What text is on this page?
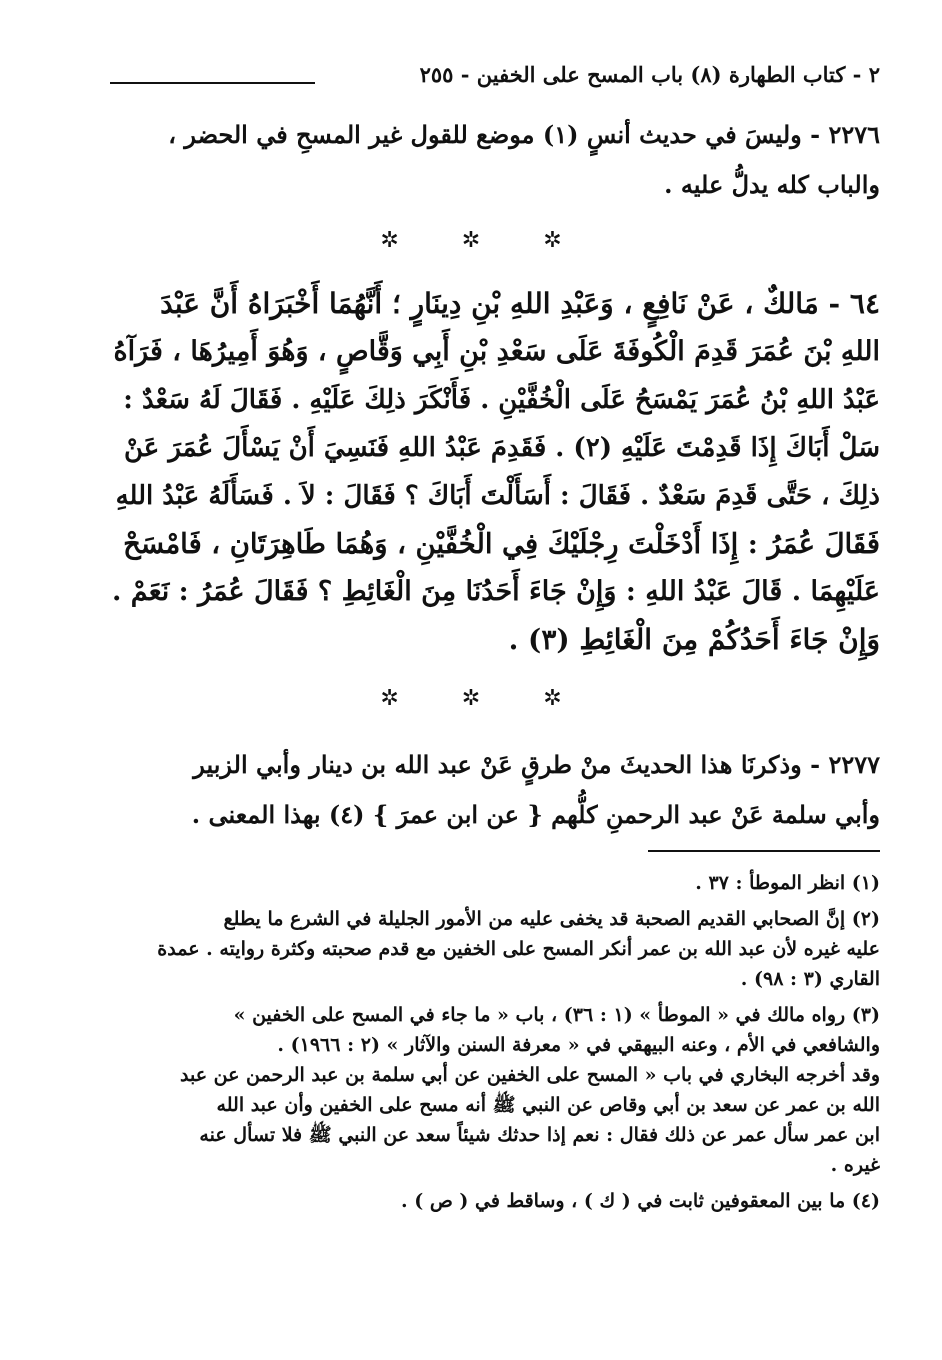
٢ - كتاب الطهارة (٨) باب المسح على الخفين - ٢٥٥
٢٢٧٦ - وليسَ في حديث أنسٍ (١) موضع للقول غير المسحِ في الحضر ،
والباب كله يدلُّ عليه .
✲	✲	✲
٦٤ - مَالكٌ ، عَنْ نَافِعٍ ، وَعَبْدِ اللهِ بْنِ دِينَارٍ ؛ أَنَّهُمَا أَخْبَرَاهُ أَنَّ عَبْدَ
اللهِ بْنَ عُمَرَ قَدِمَ الْكُوفَةَ عَلَى سَعْدِ بْنِ أَبِي وَقَّاصٍ ، وَهُوَ أَمِيرُهَا ، فَرَآهُ
عَبْدُ اللهِ بْنُ عُمَرَ يَمْسَحُ عَلَى الْخُفَّيْنِ . فَأَنْكَرَ ذلِكَ عَلَيْهِ . فَقَالَ لَهُ سَعْدٌ :
سَلْ أَبَاكَ إِذَا قَدِمْتَ عَلَيْهِ (٢) . فَقَدِمَ عَبْدُ اللهِ فَنَسِيَ أَنْ يَسْأَلَ عُمَرَ عَنْ
ذلِكَ ، حَتَّى قَدِمَ سَعْدٌ . فَقَالَ : أَسَأَلْتَ أَبَاكَ ؟ فَقَالَ : لاَ . فَسَأَلَهُ عَبْدُ اللهِ
فَقَالَ عُمَرُ : إِذَا أَدْخَلْتَ رِجْلَيْكَ فِي الْخُفَّيْنِ ، وَهُمَا طَاهِرَتَانِ ، فَامْسَحْ
عَلَيْهِمَا . قَالَ عَبْدُ اللهِ : وَإِنْ جَاءَ أَحَدُنَا مِنَ الْغَائِطِ ؟ فَقَالَ عُمَرُ : نَعَمْ .
وَإِنْ جَاءَ أَحَدُكُمْ مِنَ الْغَائِطِ (٣) .
✲	✲	✲
٢٢٧٧ - وذكرنَا هذا الحديثَ منْ طرقٍ عَنْ عبد الله بن دينار وأبي الزبير
وأبي سلمة عَنْ عبد الرحمنِ كلُّهم { عن ابن عمرَ } (٤) بهذا المعنى .
(١) انظر الموطأ : ٣٧ .
(٢) إنَّ الصحابي القديم الصحبة قد يخفى عليه من الأمور الجليلة في الشرع ما يطلع
عليه غيره لأن عبد الله بن عمر أنكر المسح على الخفين مع قدم صحبته وكثرة روايته . عمدة
القاري (٣ : ٩٨) .
(٣) رواه مالك في « الموطأ » (١ : ٣٦) ، باب « ما جاء في المسح على الخفين »
والشافعي في الأم ، وعنه البيهقي في « معرفة السنن والآثار » (٢ : ١٩٦٦) .
وقد أخرجه البخاري في باب « المسح على الخفين عن أبي سلمة بن عبد الرحمن عن عبد
الله بن عمر عن سعد بن أبي وقاص عن النبي ﷺ أنه مسح على الخفين وأن عبد الله
ابن عمر سأل عمر عن ذلك فقال : نعم إذا حدثك شيئاً سعد عن النبي ﷺ فلا تسأل عنه
غيره .
(٤) ما بين المعقوفين ثابت في ( ك ) ، وساقط في ( ص ) .
